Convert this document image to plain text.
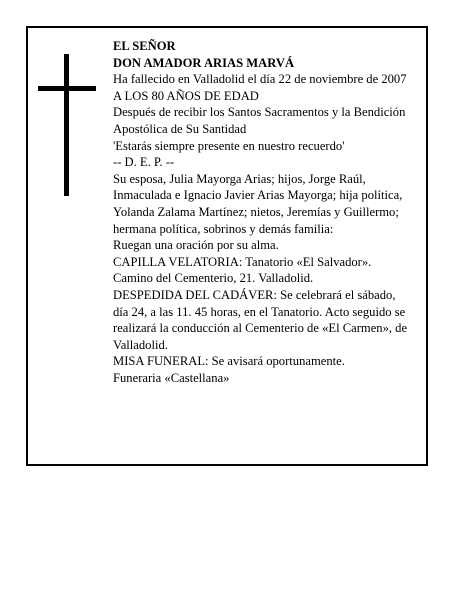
EL SEÑOR

DON AMADOR ARIAS MARVÁ

Ha fallecido en Valladolid el día 22 de noviembre de 2007

A LOS 80 AÑOS DE EDAD

Después de recibir los Santos Sacramentos y la Bendición Apostólica de Su Santidad

'Estarás siempre presente en nuestro recuerdo'

-- D. E. P. --

Su esposa, Julia Mayorga Arias; hijos, Jorge Raúl, Inmaculada e Ignacio Javier Arias Mayorga; hija política, Yolanda Zalama Martínez; nietos, Jeremías y Guillermo; hermana política, sobrinos y demás familia:

Ruegan una oración por su alma.

CAPILLA VELATORIA: Tanatorio «El Salvador».

Camino del Cementerio, 21. Valladolid.

DESPEDIDA DEL CADÁVER: Se celebrará el sábado, día 24, a las 11. 45 horas, en el Tanatorio. Acto seguido se realizará la conducción al Cementerio de «El Carmen», de Valladolid.

MISA FUNERAL: Se avisará oportunamente.

Funeraria «Castellana»
